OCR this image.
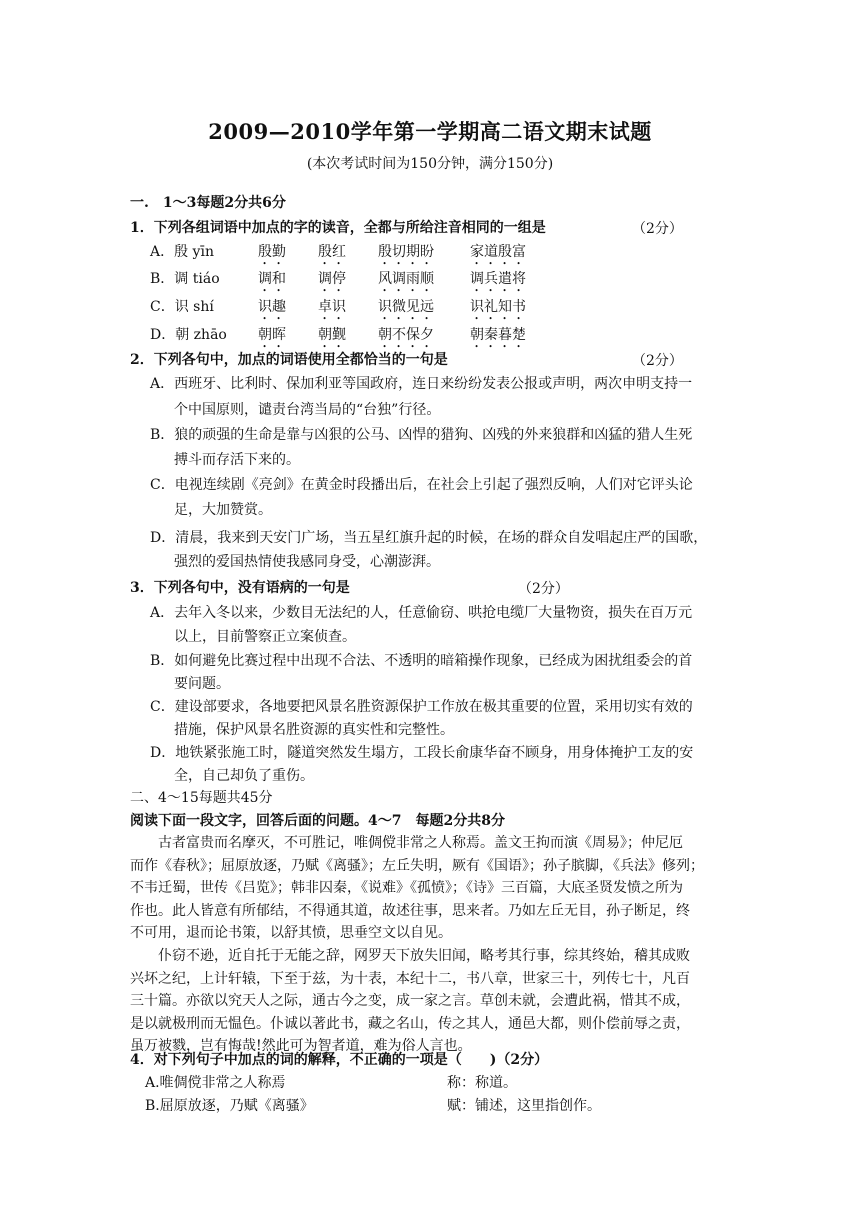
2009—2010学年第一学期高二语文期末试题
(本次考试时间为150分钟，满分150分)
一.　1～3每题2分共6分
1．下列各组词语中加点的字的读音，全都与所给注音相同的一组是	（2分）
A．殷 yīn	殷勤 殷红 殷切期盼	家道殷富
B．调 tiáo	调和 调停 风调雨顺	调兵遣将
C．识 shí	识趣 卓识 识微见远	识礼知书
D．朝 zhāo 朝晖 朝觐 朝不保夕	朝秦暮楚
2．下列各句中，加点的词语使用全都恰当的一句是	（2分）
A．西班牙、比利时、保加利亚等国政府，连日来纷纷发表公报或声明，两次申明支持一
个中国原则，谴责台湾当局的“台独”行径。
B．狼的顽强的生命是靠与凶狠的公马、凶悍的猎狗、凶残的外来狼群和凶猛的猎人生死
搏斗而存活下来的。
C．电视连续剧《亮剑》在黄金时段播出后，在社会上引起了强烈反响，人们对它评头论
足，大加赞赏。
D．清晨，我来到天安门广场，当五星红旗升起的时候，在场的群众自发唱起庄严的国歌，
强烈的爱国热情使我感同身受，心潮澎湃。
3．下列各句中，没有语病的一句是	（2分）
A．去年入冬以来，少数目无法纪的人，任意偷窃、哄抢电缆厂大量物资，损失在百万元
以上，目前警察正立案侦查。
B．如何避免比赛过程中出现不合法、不透明的暗箱操作现象，已经成为困扰组委会的首
要问题。
C．建设部要求，各地要把风景名胜资源保护工作放在极其重要的位置，采用切实有效的
措施，保护风景名胜资源的真实性和完整性。
D．地铁紧张施工时，隧道突然发生塌方，工段长俞康华奋不顾身，用身体掩护工友的安
全，自己却负了重伤。
二、4～15每题共45分
阅读下面一段文字，回答后面的问题。4～7　每题2分共8分
　　古者富贵而名摩灭，不可胜记，唯倜傥非常之人称焉。盖文王拘而演《周易》；仲尼厄
而作《春秋》；屈原放逐，乃赋《离骚》；左丘失明，厥有《国语》；孙子膑脚，《兵法》修列；
不韦迁蜀，世传《吕览》；韩非囚秦，《说难》《孤愤》；《诗》三百篇，大底圣贤发愤之所为
作也。此人皆意有所郁结，不得通其道，故述往事，思来者。乃如左丘无目，孙子断足，终
不可用，退而论书策，以舒其愤，思垂空文以自见。
　　仆窃不逊，近自托于无能之辞，网罗天下放失旧闻，略考其行事，综其终始，稽其成败
兴坏之纪，上计轩辕，下至于兹，为十表，本纪十二，书八章，世家三十，列传七十，凡百
三十篇。亦欲以究天人之际，通古今之变，成一家之言。草创未就，会遭此祸，惜其不成，
是以就极刑而无愠色。仆诚以著此书，藏之名山，传之其人，通邑大都，则仆偿前辱之责，
虽万被戮，岂有悔哉!然此可为智者道，难为俗人言也。
4．对下列句子中加点的词的解释，不正确的一项是（　　)（2分）
A.唯倜傥非常之人称焉	称：称道。
B.屈原放逐，乃赋《离骚》	赋：铺述，这里指创作。
